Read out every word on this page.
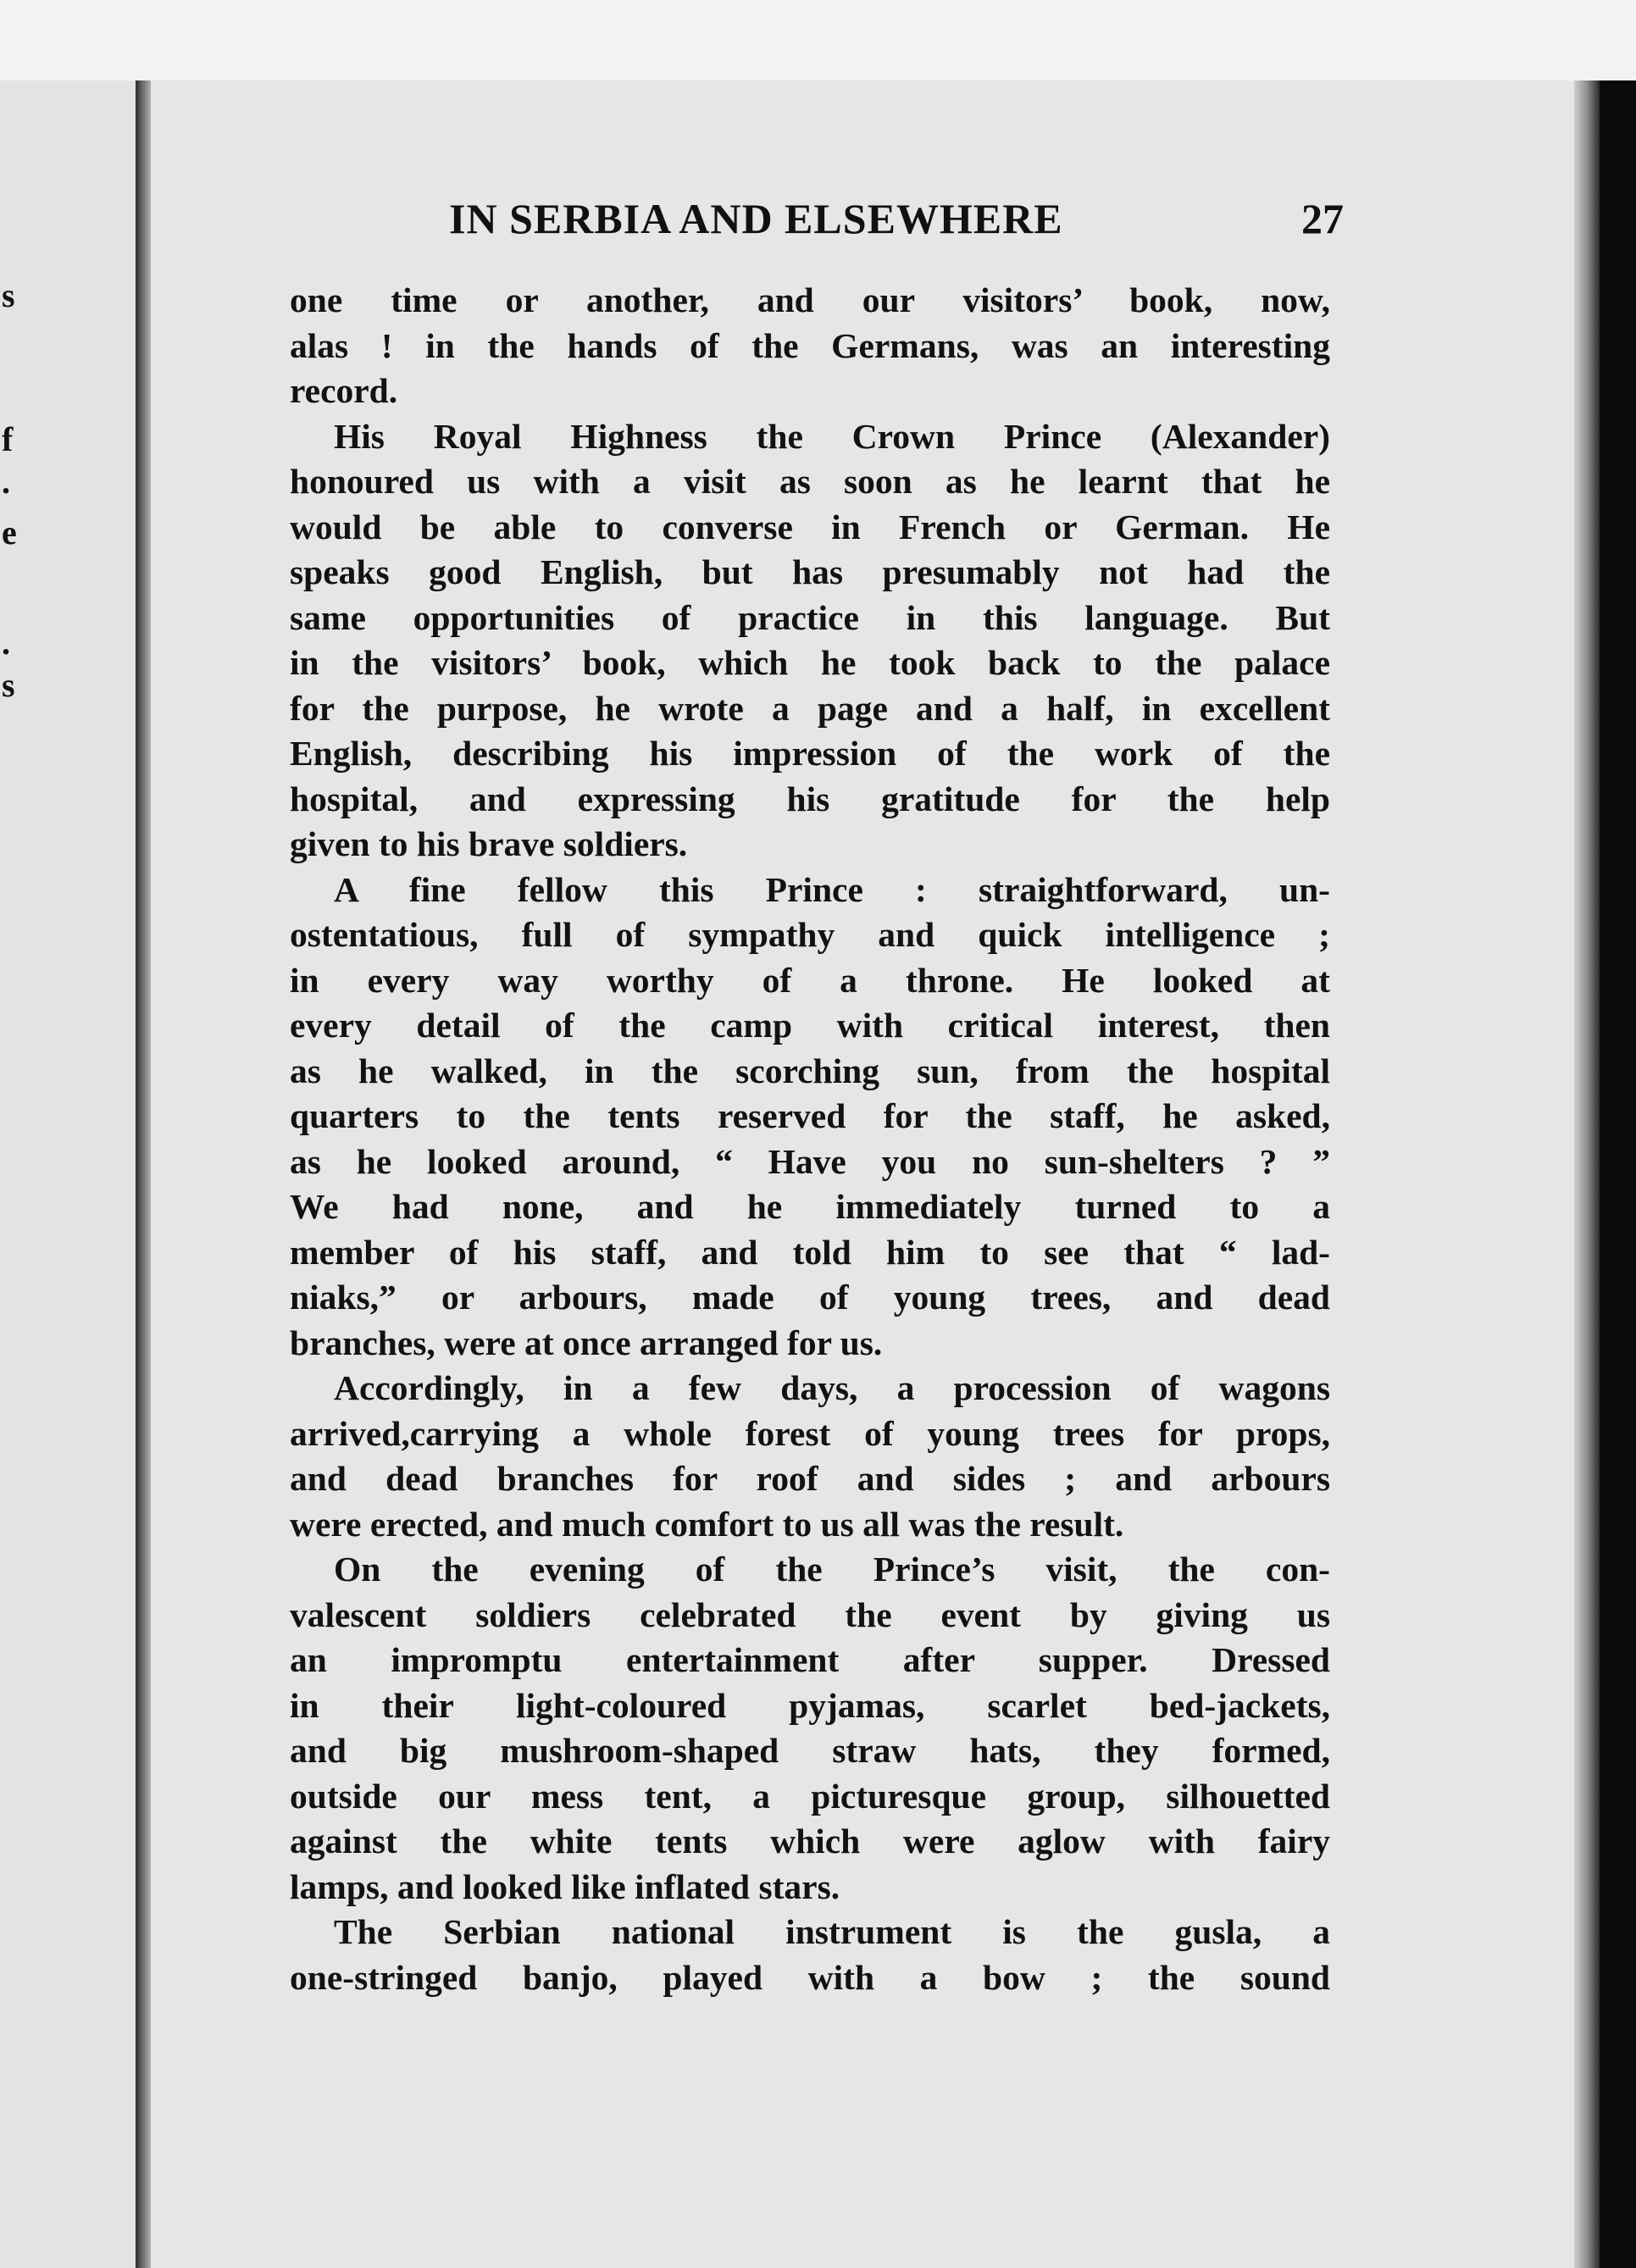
s
f
.
e
.
s
IN SERBIA AND ELSEWHERE	27

one time or another, and our visitors’ book, now,
alas ! in the hands of the Germans, was an interesting
record.

His Royal Highness the Crown Prince (Alexander)
honoured us with a visit as soon as he learnt that he
would be able to converse in French or German. He
speaks good English, but has presumably not had the
same opportunities of practice in this language. But
in the visitors’ book, which he took back to the palace
for the purpose, he wrote a page and a half, in excellent
English, describing his impression of the work of the
hospital, and expressing his gratitude for the help
given to his brave soldiers.

A fine fellow this Prince : straightforward, un-
ostentatious, full of sympathy and quick intelligence ;
in every way worthy of a throne. He looked at
every detail of the camp with critical interest, then
as he walked, in the scorching sun, from the hospital
quarters to the tents reserved for the staff, he asked,
as he looked around, “ Have you no sun-shelters ? ”
We had none, and he immediately turned to a
member of his staff, and told him to see that “ lad-
niaks,” or arbours, made of young trees, and dead
branches, were at once arranged for us.

Accordingly, in a few days, a procession of wagons
arrived,carrying a whole forest of young trees for props,
and dead branches for roof and sides ; and arbours
were erected, and much comfort to us all was the result.

On the evening of the Prince’s visit, the con-
valescent soldiers celebrated the event by giving us
an impromptu entertainment after supper. Dressed
in their light-coloured pyjamas, scarlet bed-jackets,
and big mushroom-shaped straw hats, they formed,
outside our mess tent, a picturesque group, silhouetted
against the white tents which were aglow with fairy
lamps, and looked like inflated stars.

The Serbian national instrument is the gusla, a
one-stringed banjo, played with a bow ; the sound
